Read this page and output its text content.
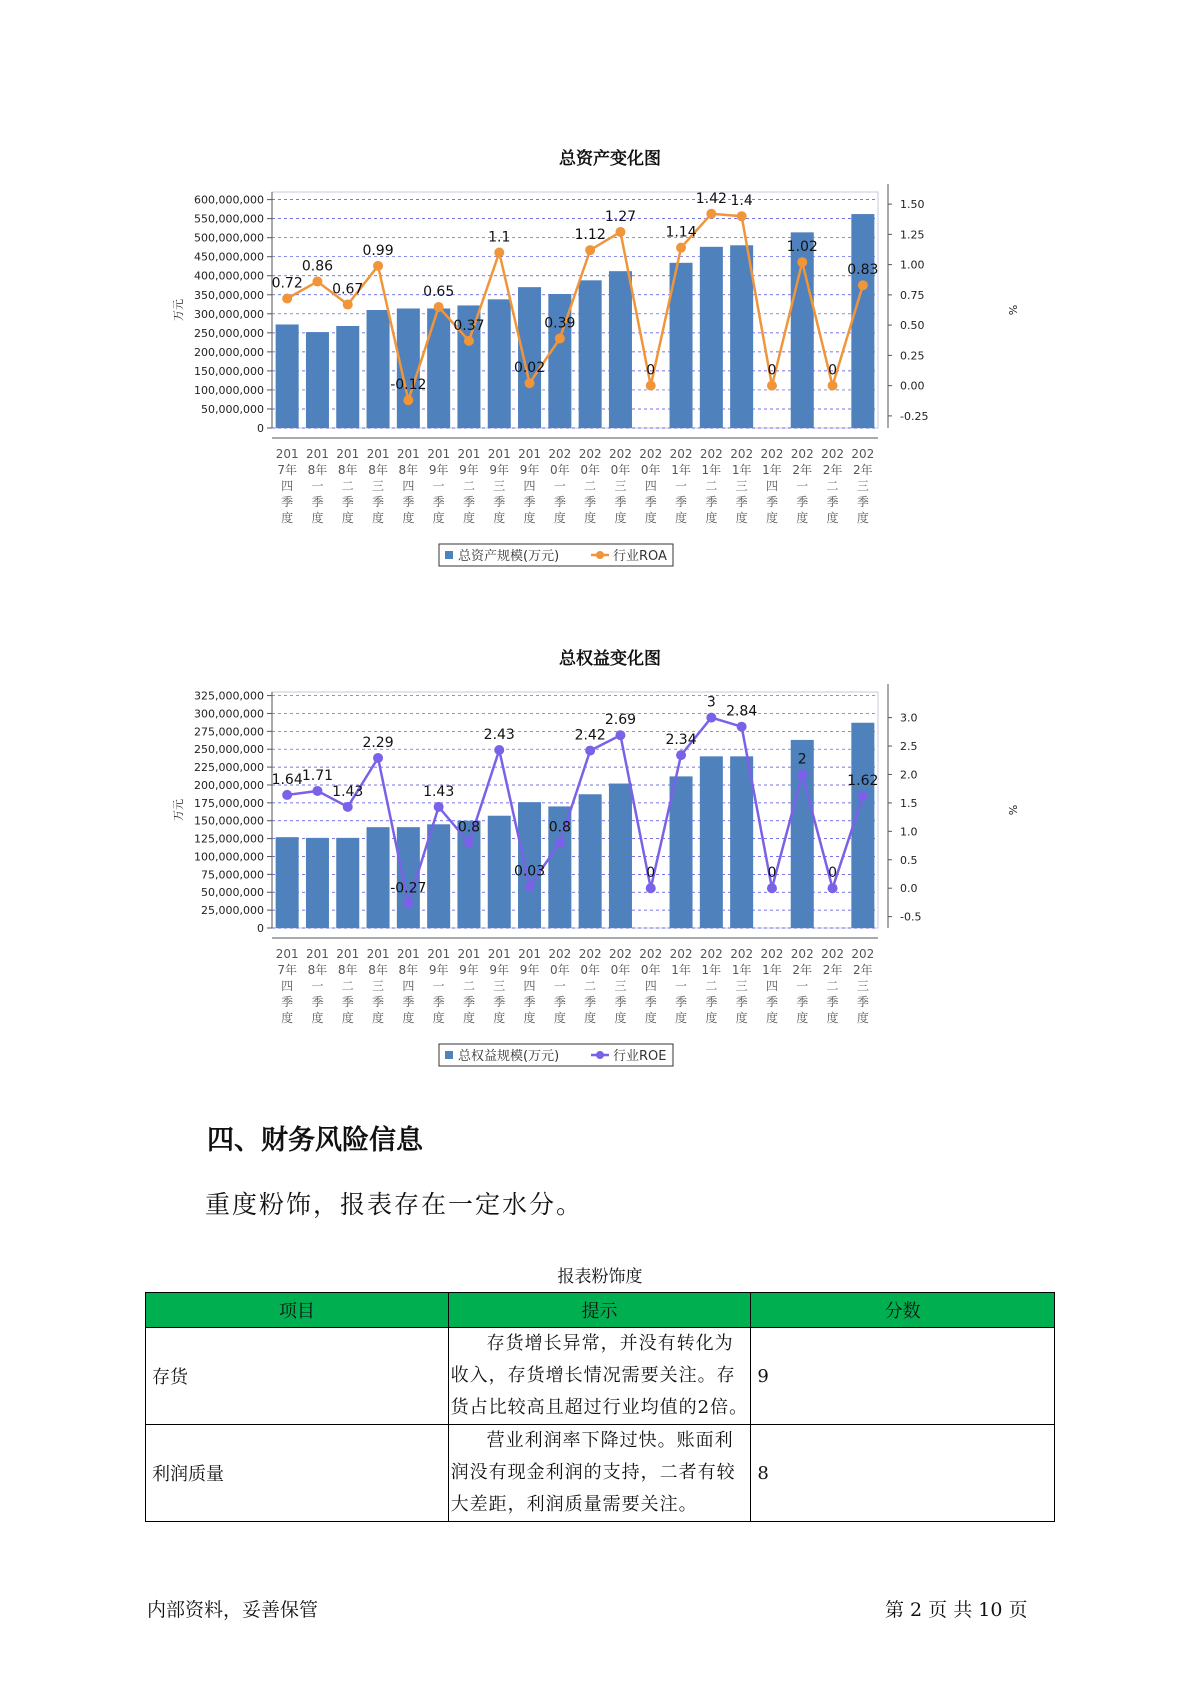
总资产变化图
600,000,000
550,000,000
500,000,000
450,000,000
400,000,000
350,000,000
300,000,000
250,000,000
200,000,000
150,000,000
100,000,000
50,000,000
0
万元
1.50
1.25
1.00
0.75
0.50
0.25
0.00
-0.25
%
0.72
0.86
0.67
0.99
-0.12
0.65
0.37
1.1
0.02
0.39
1.12
1.27
0
1.14
1.42 1.4
0
1.02
0
0.83
201
7年
四
季
度
201
8年
一
季
度
201
8年
二
季
度
201
8年
三
季
度
201
8年
四
季
度
201
9年
一
季
度
201
9年
二
季
度
201
9年
三
季
度
201
9年
四
季
度
202
0年
一
季
度
202
0年
二
季
度
202
0年
三
季
度
202
0年
四
季
度
202
1年
一
季
度
202
1年
二
季
度
202
1年
三
季
度
202
1年
四
季
度
202
2年
一
季
度
202
2年
二
季
度
202
2年
三
季
度
总资产规模(万元)	行业ROA
总权益变化图
325,000,000
300,000,000
275,000,000
250,000,000
225,000,000
200,000,000
175,000,000
150,000,000
125,000,000
100,000,000
75,000,000
50,000,000
25,000,000
0
万元
3.0
2.5
2.0
1.5
1.0
0.5
0.0
-0.5
%
1.64 1.71
1.43
2.29
-0.27
1.43
0.8
2.43
0.03
0.8
2.42
2.69
0
2.34
3
2.84
0
2
0
1.62
201
7年
四
季
度
201
8年
一
季
度
201
8年
二
季
度
201
8年
三
季
度
201
8年
四
季
度
201
9年
一
季
度
201
9年
二
季
度
201
9年
三
季
度
201
9年
四
季
度
202
0年
一
季
度
202
0年
二
季
度
202
0年
三
季
度
202
0年
四
季
度
202
1年
一
季
度
202
1年
二
季
度
202
1年
三
季
度
202
1年
四
季
度
202
2年
一
季
度
202
2年
二
季
度
202
2年
三
季
度
总权益规模(万元)	行业ROE
四、财务风险信息
重度粉饰，报表存在一定水分。
报表粉饰度
项目	提示	分数
存货	存货增长异常，并没有转化为收入，存货增长情况需要关注。存货占比较高且超过行业均值的2倍。	9
利润质量	营业利润率下降过快。账面利润没有现金利润的支持，二者有较大差距，利润质量需要关注。	8
内部资料，妥善保管	第 2 页 共 10 页
